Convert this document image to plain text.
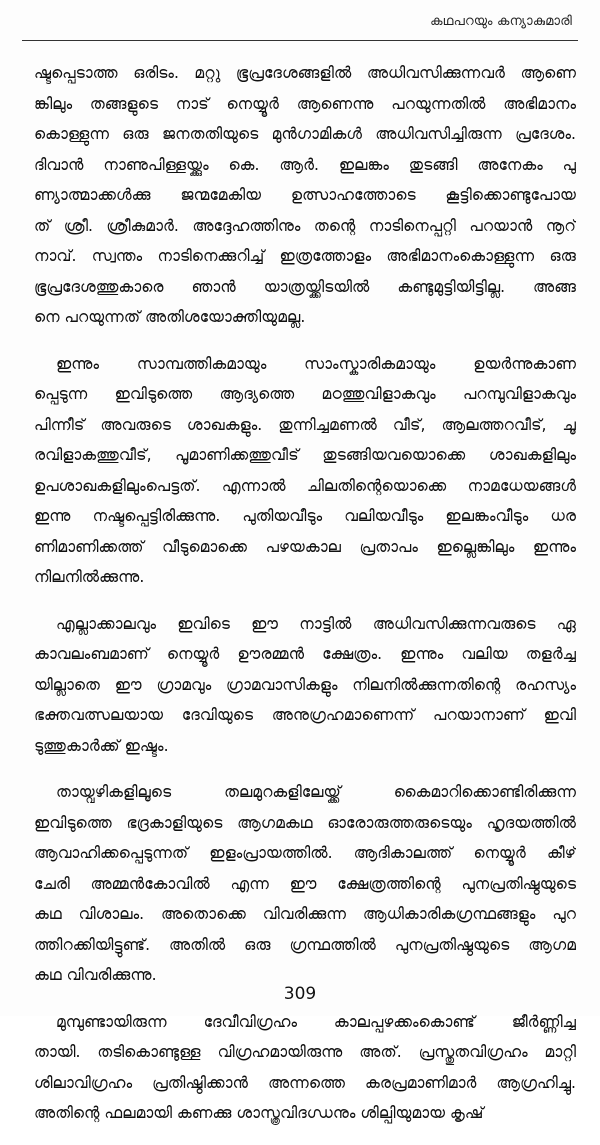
കഥപറയും കന്യാകുമാരി
ഷ്ടപ്പെടാത്ത ഒരിടം. മറ്റു ഭൂപ്രദേശങ്ങളിൽ അധിവസിക്കുന്നവർ ആണെ
ങ്കിലും തങ്ങളുടെ നാട് നെയ്യൂർ ആണെന്നു പറയുന്നതിൽ അഭിമാനം
കൊള്ളുന്ന ഒരു ജനതതിയുടെ മുൻഗാമികൾ അധിവസിച്ചിരുന്ന പ്രദേശം.
ദിവാൻ നാണുപിള്ളയ്ക്കും കെ. ആർ. ഇലങ്കം തുടങ്ങി അനേകം പു
ണ്യാത്മാക്കൾക്കു ജന്മമേകിയ ഉത്സാഹത്തോടെ കൂട്ടിക്കൊണ്ടുപോയ
ത് ശ്രീ. ശ്രീകുമാർ. അദ്ദേഹത്തിനും തന്റെ നാടിനെപ്പറ്റി പറയാൻ നൂറ്
നാവ്. സ്വന്തം നാടിനെക്കുറിച്ച് ഇത്രത്തോളം അഭിമാനംകൊള്ളുന്ന ഒരു
ഭൂപ്രദേശത്തുകാരെ ഞാൻ യാത്രയ്ക്കിടയിൽ കണ്ടുമുട്ടിയിട്ടില്ല. അങ്ങ
നെ പറയുന്നത് അതിശയോക്തിയുമല്ല.
ഇന്നും സാമ്പത്തികമായും സാംസ്കാരികമായും ഉയർന്നുകാണ
പ്പെടുന്ന ഇവിടുത്തെ ആദ്യത്തെ മഠത്തുവിളാകവും പറമ്പുവിളാകവും
പിന്നീട് അവരുടെ ശാഖകളും. തുന്നിച്ചമണൽ വീട്, ആലത്തറവീട്, ചൂ
രവിളാകത്തുവീട്, പൂമാണിക്കത്തുവീട് തുടങ്ങിയവയൊക്കെ ശാഖകളിലും
ഉപശാഖകളിലുംപെട്ടത്. എന്നാൽ ചിലതിന്റെയൊക്കെ നാമധേയങ്ങൾ
ഇന്നു നഷ്ടപ്പെട്ടിരിക്കുന്നു. പുതിയവീടും വലിയവീടും ഇലങ്കംവീടും ധര
ണിമാണിക്കത്ത് വീടുമൊക്കെ പഴയകാല പ്രതാപം ഇല്ലെങ്കിലും ഇന്നും
നിലനിൽക്കുന്നു.
എല്ലാക്കാലവും ഇവിടെ ഈ നാട്ടിൽ അധിവസിക്കുന്നവരുടെ ഏ
കാവലംബമാണ് നെയ്യൂർ ഊരമ്മൻ ക്ഷേത്രം. ഇന്നും വലിയ തളർച്ച
യില്ലാതെ ഈ ഗ്രാമവും ഗ്രാമവാസികളും നിലനിൽക്കുന്നതിന്റെ രഹസ്യം
ഭക്തവത്സലയായ ദേവിയുടെ അനുഗ്രഹമാണെന്ന് പറയാനാണ് ഇവി
ടുത്തുകാർക്ക് ഇഷ്ടം.
തായ്വഴികളിലൂടെ തലമുറകളിലേയ്ക്ക് കൈമാറിക്കൊണ്ടിരിക്കുന്ന
ഇവിടുത്തെ ഭദ്രകാളിയുടെ ആഗമകഥ ഓരോരുത്തരുടെയും ഹൃദയത്തിൽ
ആവാഹിക്കപ്പെടുന്നത് ഇളംപ്രായത്തിൽ. ആദികാലത്ത് നെയ്യൂർ കീഴ്
ചേരി അമ്മൻകോവിൽ എന്ന ഈ ക്ഷേത്രത്തിന്റെ പുനപ്രതിഷ്ഠയുടെ
കഥ വിശാലം. അതൊക്കെ വിവരിക്കുന്ന ആധികാരികഗ്രന്ഥങ്ങളും പുറ
ത്തിറക്കിയിട്ടുണ്ട്. അതിൽ ഒരു ഗ്രന്ഥത്തിൽ പുനപ്രതിഷ്ഠയുടെ ആഗമ
കഥ വിവരിക്കുന്നു.
മുമ്പുണ്ടായിരുന്ന ദേവീവിഗ്രഹം കാലപ്പഴക്കംകൊണ്ട് ജീർണ്ണിച്ച
തായി. തടികൊണ്ടുള്ള വിഗ്രഹമായിരുന്നു അത്. പ്രസ്തുതവിഗ്രഹം മാറ്റി
ശിലാവിഗ്രഹം പ്രതിഷ്ഠിക്കാൻ അന്നത്തെ കരപ്രമാണിമാർ ആഗ്രഹിച്ചു.
അതിന്റെ ഫലമായി കണക്കു ശാസ്ത്രവിദഗ്ധനും ശില്പിയുമായ കൃഷ്
309
